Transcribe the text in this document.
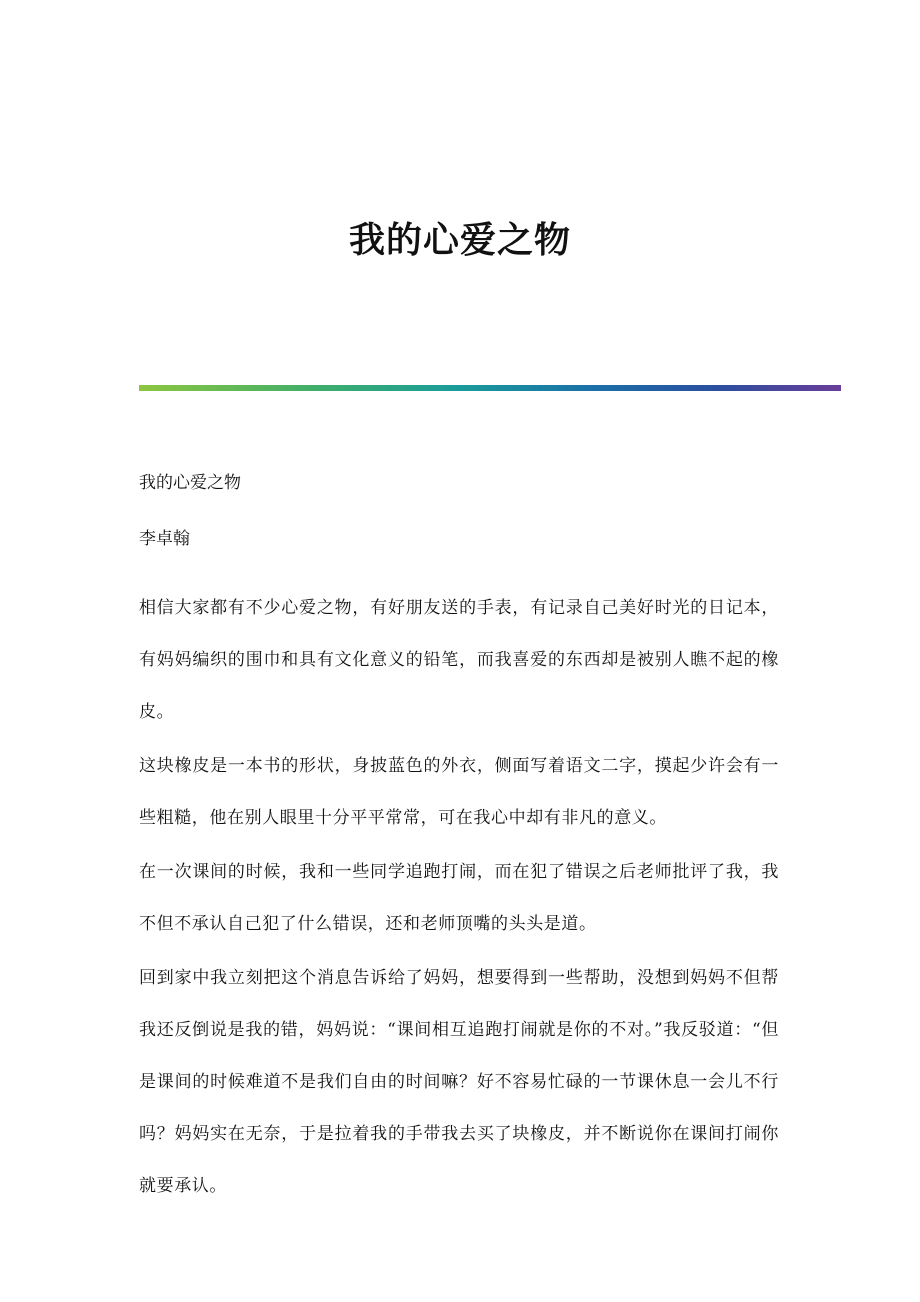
我的心爱之物

我的心爱之物

李卓翰

相信大家都有不少心爱之物，有好朋友送的手表，有记录自己美好时光的日记本，有妈妈编织的围巾和具有文化意义的铅笔，而我喜爱的东西却是被别人瞧不起的橡皮。

这块橡皮是一本书的形状，身披蓝色的外衣，侧面写着语文二字，摸起少许会有一些粗糙，他在别人眼里十分平平常常，可在我心中却有非凡的意义。

在一次课间的时候，我和一些同学追跑打闹，而在犯了错误之后老师批评了我，我不但不承认自己犯了什么错误，还和老师顶嘴的头头是道。

回到家中我立刻把这个消息告诉给了妈妈，想要得到一些帮助，没想到妈妈不但帮我还反倒说是我的错，妈妈说：“课间相互追跑打闹就是你的不对。”我反驳道：“但是课间的时候难道不是我们自由的时间嘛？好不容易忙碌的一节课休息一会儿不行吗？妈妈实在无奈，于是拉着我的手带我去买了块橡皮，并不断说你在课间打闹你就要承认。
